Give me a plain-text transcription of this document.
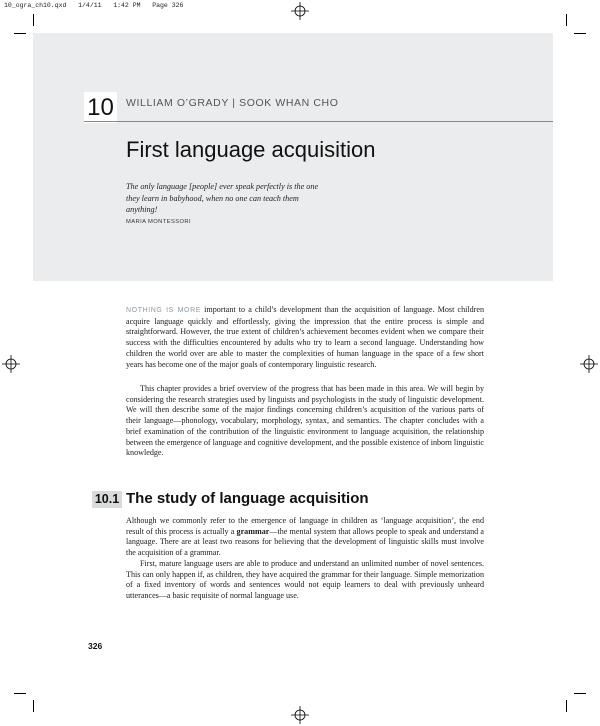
10_ogra_ch10.qxd   1/4/11   1:42 PM   Page 326
10	WILLIAM O’GRADY | SOOK WHAN CHO
First language acquisition

The only language [people] ever speak perfectly is the one they learn in babyhood, when no one can teach them anything!

MARIA MONTESSORI

NOTHING IS MORE important to a child’s development than the acquisition of language. Most children acquire language quickly and effortlessly, giving the impression that the entire process is simple and straightforward. However, the true extent of children’s achievement becomes evident when we compare their success with the difficulties encountered by adults who try to learn a second language. Understanding how children the world over are able to master the complexities of human language in the space of a few short years has become one of the major goals of contemporary linguistic research.

This chapter provides a brief overview of the progress that has been made in this area. We will begin by considering the research strategies used by linguists and psychologists in the study of linguistic development. We will then describe some of the major findings concerning children’s acquisition of the various parts of their language—phonology, vocabulary, morphology, syntax, and semantics. The chapter concludes with a brief examination of the contribution of the linguistic environment to language acquisition, the relationship between the emergence of language and cognitive development, and the possible existence of inborn linguistic knowledge.

10.1 The study of language acquisition

Although we commonly refer to the emergence of language in children as ‘language acquisition’, the end result of this process is actually a grammar—the mental system that allows people to speak and understand a language. There are at least two reasons for believing that the development of linguistic skills must involve the acquisition of a grammar.

First, mature language users are able to produce and understand an unlimited number of novel sentences. This can only happen if, as children, they have acquired the grammar for their language. Simple memorization of a fixed inventory of words and sentences would not equip learners to deal with previously unheard utterances—a basic requisite of normal language use.

326
